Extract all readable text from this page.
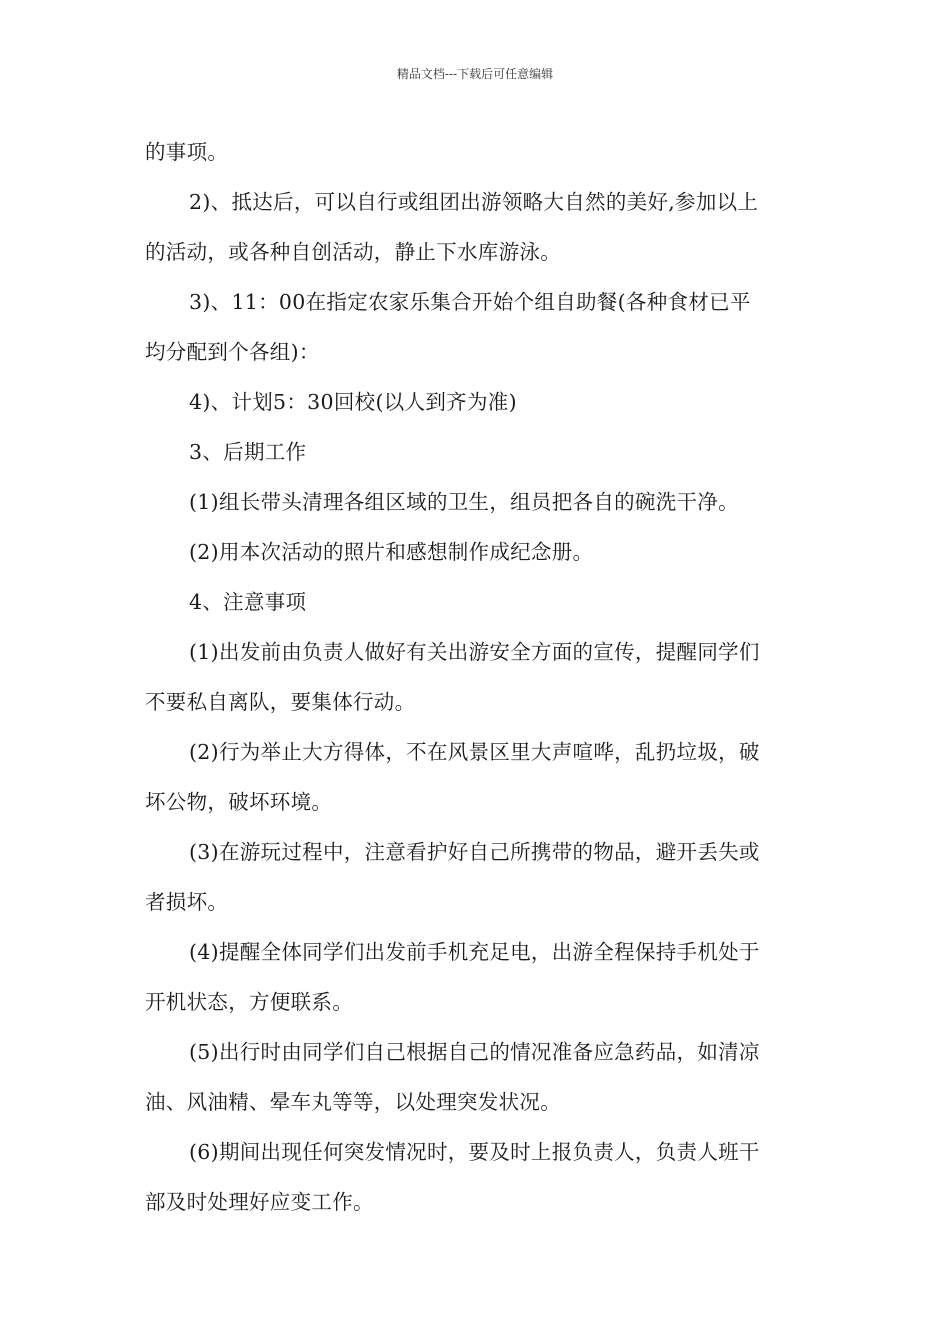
精品文档---下载后可任意编辑
的事项。
2)、抵达后，可以自行或组团出游领略大自然的美好,参加以上
的活动，或各种自创活动，静止下水库游泳。
3)、11：00在指定农家乐集合开始个组自助餐(各种食材已平
均分配到个各组)：
4)、计划5：30回校(以人到齐为准)
3、后期工作
(1)组长带头清理各组区域的卫生，组员把各自的碗洗干净。
(2)用本次活动的照片和感想制作成纪念册。
4、注意事项
(1)出发前由负责人做好有关出游安全方面的宣传，提醒同学们
不要私自离队，要集体行动。
(2)行为举止大方得体，不在风景区里大声喧哗，乱扔垃圾，破
坏公物，破坏环境。
(3)在游玩过程中，注意看护好自己所携带的物品，避开丢失或
者损坏。
(4)提醒全体同学们出发前手机充足电，出游全程保持手机处于
开机状态，方便联系。
(5)出行时由同学们自己根据自己的情况准备应急药品，如清凉
油、风油精、晕车丸等等，以处理突发状况。
(6)期间出现任何突发情况时，要及时上报负责人，负责人班干
部及时处理好应变工作。
